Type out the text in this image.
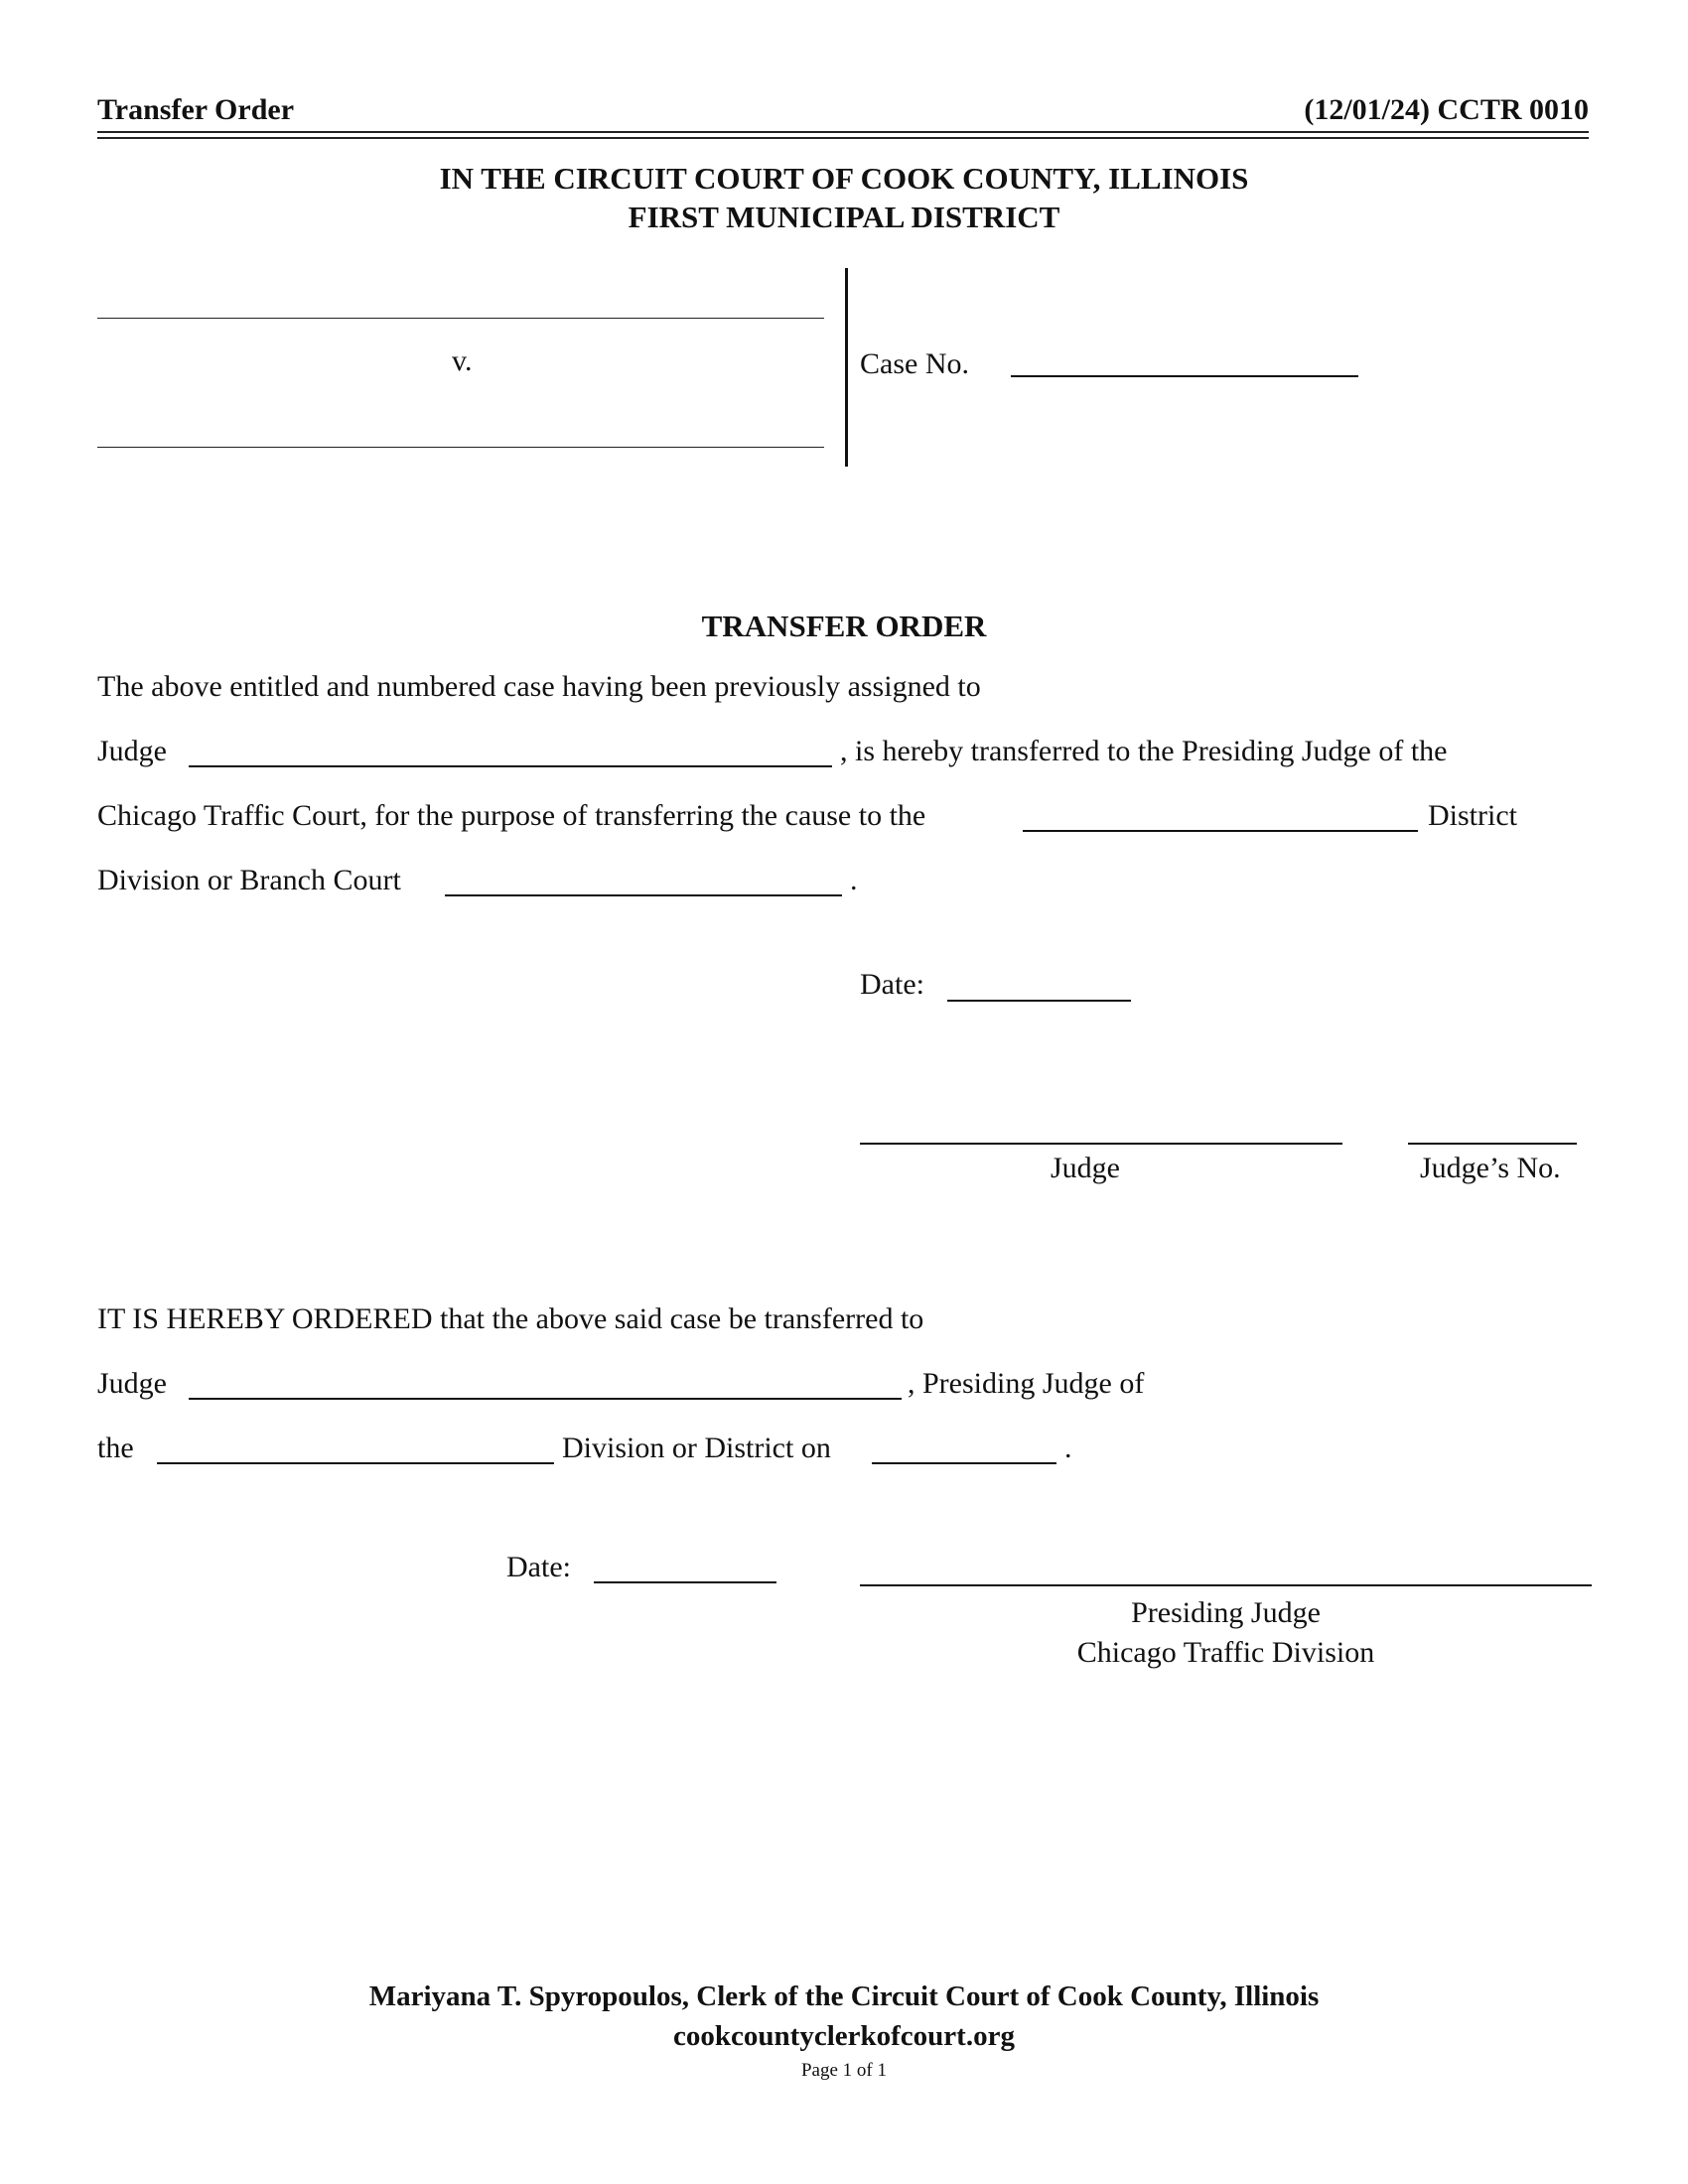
Transfer Order	(12/01/24) CCTR 0010
IN THE CIRCUIT COURT OF COOK COUNTY, ILLINOIS
FIRST MUNICIPAL DISTRICT
v.	Case No.
TRANSFER ORDER
The above entitled and numbered case having been previously assigned to
Judge	, is hereby transferred to the Presiding Judge of the
Chicago Traffic Court, for the purpose of transferring the cause to the	District
Division or Branch Court	.
Date:
Judge	Judge’s No.
IT IS HEREBY ORDERED that the above said case be transferred to
Judge	, Presiding Judge of
the	Division or District on	.
Date:
Presiding Judge
Chicago Traffic Division
Mariyana T. Spyropoulos, Clerk of the Circuit Court of Cook County, Illinois
cookcountyclerkofcourt.org
Page 1 of 1
